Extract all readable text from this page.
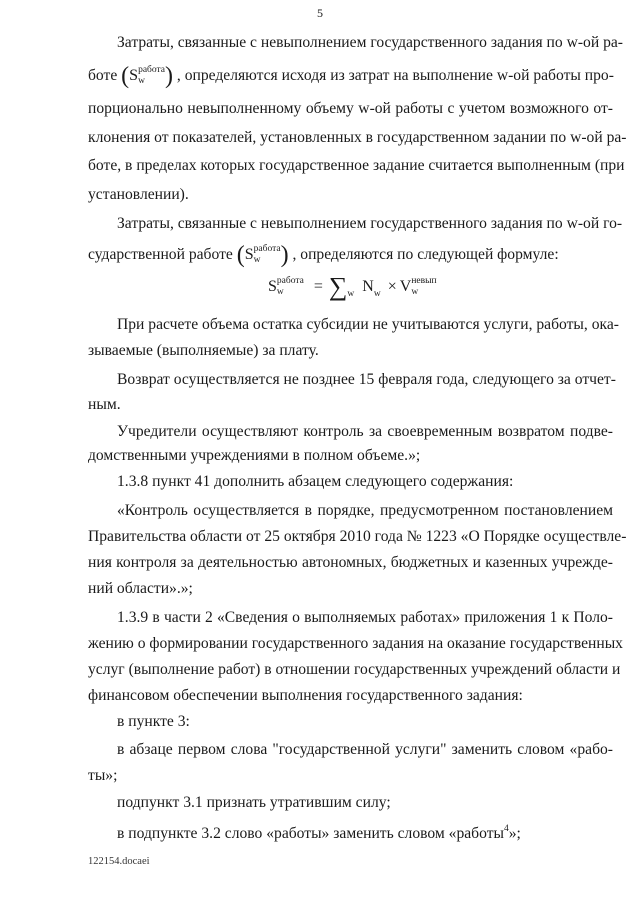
5
Затраты, связанные с невыполнением государственного задания по w-ой ра-
боте (S работа
w ) , определяются исходя из затрат на выполнение w-ой работы про-
порционально невыполненному объему w-ой работы с учетом возможного от-
клонения от показателей, установленных в государственном задании по w-ой ра-
боте, в пределах которых государственное задание считается выполненным (при
установлении).
Затраты, связанные с невыполнением государственного задания по w-ой го-
сударственной работе (S работа
w ) , определяются по следующей формуле:
S работа
w	= $\sum_w$ $N_w \times V$ невып
w
При расчете объема остатка субсидии не учитываются услуги, работы, ока-
зываемые (выполняемые) за плату.
Возврат осуществляется не позднее 15 февраля года, следующего за отчет-
ным.
Учредители осуществляют контроль за своевременным возвратом подве-
домственными учреждениями в полном объеме.»;
1.3.8 пункт 41 дополнить абзацем следующего содержания:
«Контроль осуществляется в порядке, предусмотренном постановлением
Правительства области от 25 октября 2010 года № 1223 «О Порядке осуществле-
ния контроля за деятельностью автономных, бюджетных и казенных учрежде-
ний области».»;
1.3.9 в части 2 «Сведения о выполняемых работах» приложения 1 к Поло-
жению о формировании государственного задания на оказание государственных
услуг (выполнение работ) в отношении государственных учреждений области и
финансовом обеспечении выполнения государственного задания:
в пункте 3:
в абзаце первом слова "государственной услуги" заменить словом «рабо-
ты»;
подпункт 3.1 признать утратившим силу;
в подпункте 3.2 слово «работы» заменить словом «работы$^4$»;
122154.docaei
